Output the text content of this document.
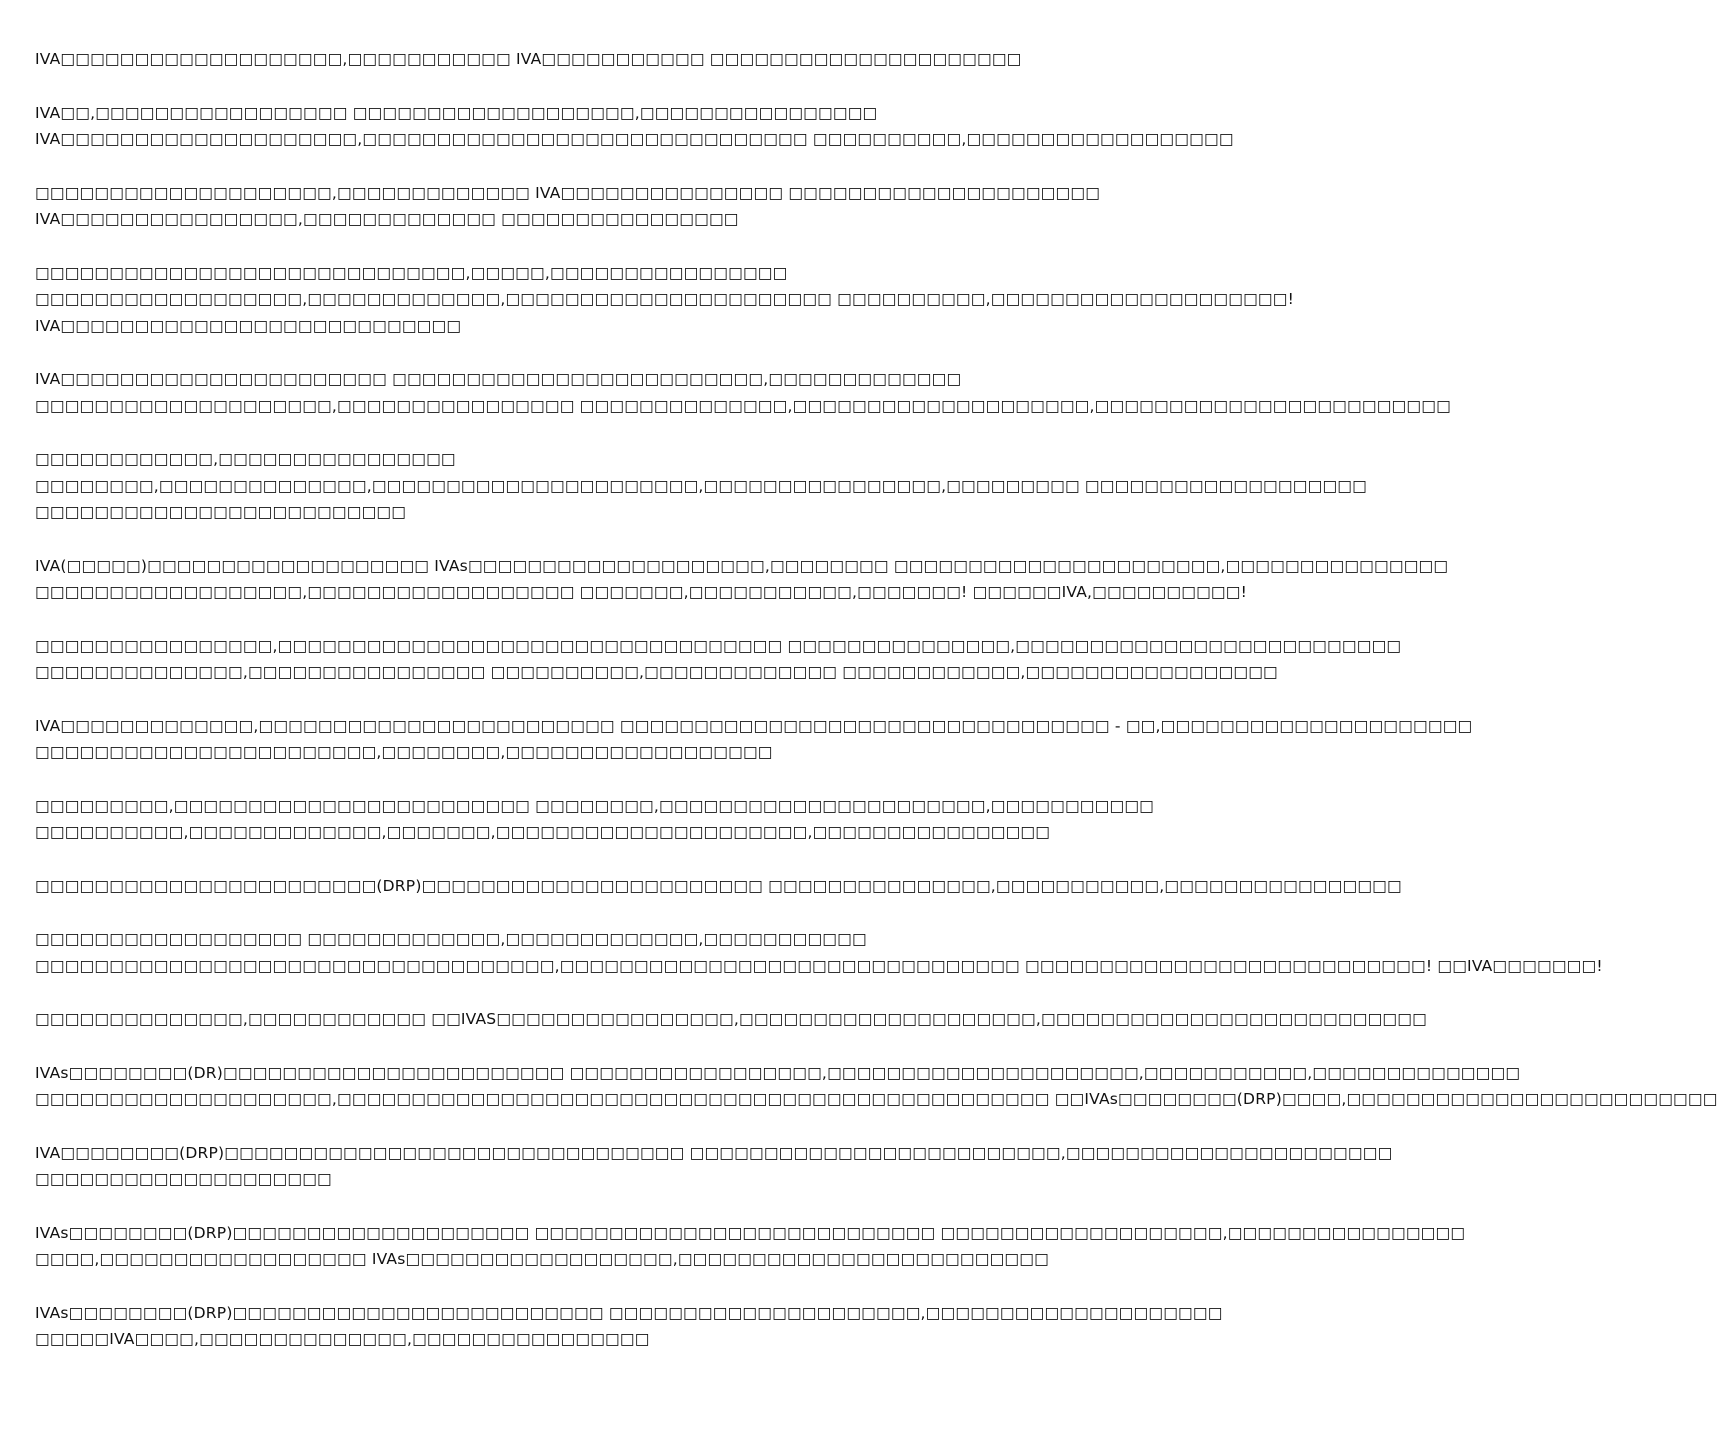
IVA□□□□□□□□□□□□□□□□□□□,□□□□□□□□□□□ IVA□□□□□□□□□□□ □□□□□□□□□□□□□□□□□□□□□
IVA□□,□□□□□□□□□□□□□□□□□ □□□□□□□□□□□□□□□□□□□,□□□□□□□□□□□□□□□□
IVA□□□□□□□□□□□□□□□□□□□□,□□□□□□□□□□□□□□□□□□□□□□□□□□□□□□ □□□□□□□□□□,□□□□□□□□□□□□□□□□□□
□□□□□□□□□□□□□□□□□□□□,□□□□□□□□□□□□□ IVA□□□□□□□□□□□□□□□ □□□□□□□□□□□□□□□□□□□□□
IVA□□□□□□□□□□□□□□□□,□□□□□□□□□□□□□ □□□□□□□□□□□□□□□□
□□□□□□□□□□□□□□□□□□□□□□□□□□□□□,□□□□□,□□□□□□□□□□□□□□□□
□□□□□□□□□□□□□□□□□□,□□□□□□□□□□□□□,□□□□□□□□□□□□□□□□□□□□□□ □□□□□□□□□□,□□□□□□□□□□□□□□□□□□□□!
IVA□□□□□□□□□□□□□□□□□□□□□□□□□□□
IVA□□□□□□□□□□□□□□□□□□□□□□ □□□□□□□□□□□□□□□□□□□□□□□□□,□□□□□□□□□□□□□
□□□□□□□□□□□□□□□□□□□□,□□□□□□□□□□□□□□□□ □□□□□□□□□□□□□□,□□□□□□□□□□□□□□□□□□□□,□□□□□□□□□□□□□□□□□□□□□□□□
□□□□□□□□□□□□,□□□□□□□□□□□□□□□□
□□□□□□□□,□□□□□□□□□□□□□□,□□□□□□□□□□□□□□□□□□□□□□,□□□□□□□□□□□□□□□□,□□□□□□□□□ □□□□□□□□□□□□□□□□□□□
□□□□□□□□□□□□□□□□□□□□□□□□□
IVA(□□□□□)□□□□□□□□□□□□□□□□□□□ IVAs□□□□□□□□□□□□□□□□□□□□,□□□□□□□□ □□□□□□□□□□□□□□□□□□□□□□,□□□□□□□□□□□□□□□
□□□□□□□□□□□□□□□□□□,□□□□□□□□□□□□□□□□□□ □□□□□□□,□□□□□□□□□□□,□□□□□□□! □□□□□□IVA,□□□□□□□□□□!
□□□□□□□□□□□□□□□□,□□□□□□□□□□□□□□□□□□□□□□□□□□□□□□□□□□ □□□□□□□□□□□□□□□,□□□□□□□□□□□□□□□□□□□□□□□□□□
□□□□□□□□□□□□□□,□□□□□□□□□□□□□□□□ □□□□□□□□□□,□□□□□□□□□□□□□ □□□□□□□□□□□□,□□□□□□□□□□□□□□□□□
IVA□□□□□□□□□□□□□,□□□□□□□□□□□□□□□□□□□□□□□□ □□□□□□□□□□□□□□□□□□□□□□□□□□□□□□□□□ - □□,□□□□□□□□□□□□□□□□□□□□□
□□□□□□□□□□□□□□□□□□□□□□□,□□□□□□□□,□□□□□□□□□□□□□□□□□□
□□□□□□□□□,□□□□□□□□□□□□□□□□□□□□□□□□ □□□□□□□□,□□□□□□□□□□□□□□□□□□□□□□,□□□□□□□□□□□
□□□□□□□□□□,□□□□□□□□□□□□□,□□□□□□□,□□□□□□□□□□□□□□□□□□□□□,□□□□□□□□□□□□□□□□
□□□□□□□□□□□□□□□□□□□□□□□(DRP)□□□□□□□□□□□□□□□□□□□□□□□ □□□□□□□□□□□□□□□,□□□□□□□□□□□,□□□□□□□□□□□□□□□□
□□□□□□□□□□□□□□□□□□ □□□□□□□□□□□□□,□□□□□□□□□□□□□,□□□□□□□□□□□
□□□□□□□□□□□□□□□□□□□□□□□□□□□□□□□□□□□,□□□□□□□□□□□□□□□□□□□□□□□□□□□□□□□ □□□□□□□□□□□□□□□□□□□□□□□□□□□! □□IVA□□□□□□□!
□□□□□□□□□□□□□□,□□□□□□□□□□□□ □□IVAS□□□□□□□□□□□□□□□□,□□□□□□□□□□□□□□□□□□□□,□□□□□□□□□□□□□□□□□□□□□□□□□□
IVAs□□□□□□□□(DR)□□□□□□□□□□□□□□□□□□□□□□□ □□□□□□□□□□□□□□□□□,□□□□□□□□□□□□□□□□□□□□□,□□□□□□□□□□□,□□□□□□□□□□□□□□
□□□□□□□□□□□□□□□□□□□□,□□□□□□□□□□□□□□□□□□□□□□□□□□□□□□□□□□□□□□□□□□□□□□□□ □□IVAs□□□□□□□□(DRP)□□□□,□□□□□□□□□□□□□□□□□□□□□□□□□
IVA□□□□□□□□(DRP)□□□□□□□□□□□□□□□□□□□□□□□□□□□□□□□ □□□□□□□□□□□□□□□□□□□□□□□□□,□□□□□□□□□□□□□□□□□□□□□□
□□□□□□□□□□□□□□□□□□□□
IVAs□□□□□□□□(DRP)□□□□□□□□□□□□□□□□□□□□ □□□□□□□□□□□□□□□□□□□□□□□□□□□ □□□□□□□□□□□□□□□□□□□,□□□□□□□□□□□□□□□□
□□□□,□□□□□□□□□□□□□□□□□□ IVAs□□□□□□□□□□□□□□□□□□,□□□□□□□□□□□□□□□□□□□□□□□□□
IVAs□□□□□□□□(DRP)□□□□□□□□□□□□□□□□□□□□□□□□□ □□□□□□□□□□□□□□□□□□□□□,□□□□□□□□□□□□□□□□□□□□
□□□□□IVA□□□□,□□□□□□□□□□□□□□,□□□□□□□□□□□□□□□□
